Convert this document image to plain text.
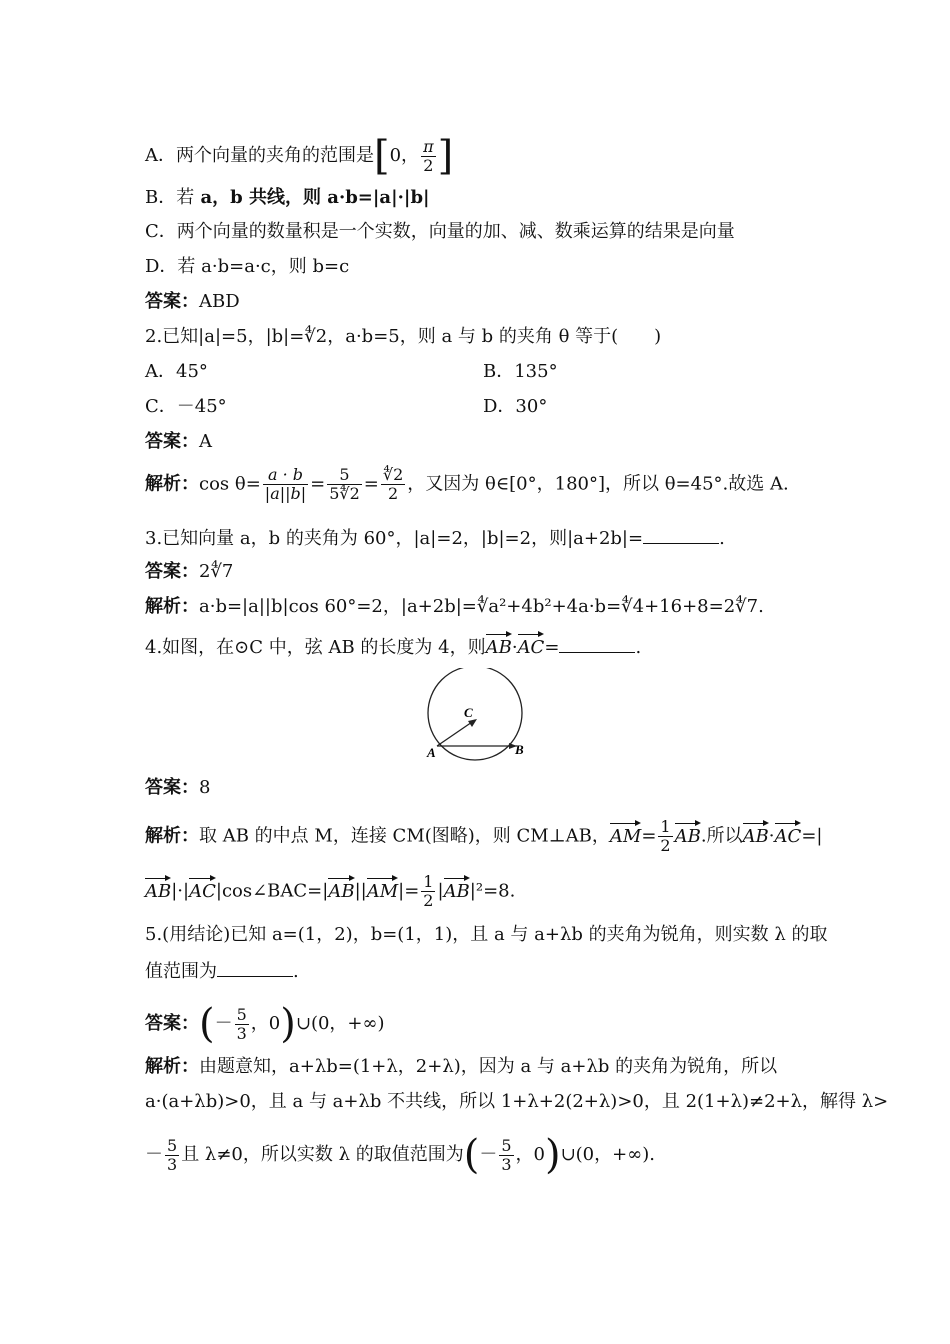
A．两个向量的夹角的范围是[0， $\frac{\pi}{2}$ ]
B．若 a，b 共线，则 a·b=|a|·|b|
C．两个向量的数量积是一个实数，向量的加、减、数乘运算的结果是向量
D．若 a·b=a·c，则 b=c
答案：ABD
2.已知|a|=5，|b|=∜2，a·b=5，则 a 与 b 的夹角 θ 等于(　　)
A．45°	B．135°
C．－45°	D．30°
答案：A
解析：$\cos \theta= \frac{a \cdot b}{|a||b|} = \frac{5}{5∜2} = \frac{∜2}{2}$ ，又因为 θ∈[0°，180°]，所以 θ=45°.故选 A.
3.已知向量 a，b 的夹角为 60°，|a|=2，|b|=2，则|a+2b|=	.
答案：2∜7
解析：a·b=|a||b|cos 60°=2，|a+2b|=∜a²+4b²+4a·b=∜4+16+8=2∜7.
4.如图，在⊙C 中，弦 AB 的长度为 4，则AB·AC=	.
C
A	B
答案：8
解析：取 AB 的中点 M，连接 CM(图略)，则 CM⊥AB，$AM= \frac{1}{2}$ AB.所以AB·AC=|
AB|·|AC|cos∠BAC=|AB||AM|= $\frac{1}{2} |AB|^2=8$.
5.(用结论)已知 a=(1，2)，b=(1，1)，且 a 与 a+λb 的夹角为锐角，则实数 λ 的取
值范围为	.
答案：(－ $\frac{5}{3}$ ，0)∪(0，+∞)
解析：由题意知，a+λb=(1+λ，2+λ)，因为 a 与 a+λb 的夹角为锐角，所以
a·(a+λb)>0，且 a 与 a+λb 不共线，所以 1+λ+2(2+λ)>0，且 2(1+λ)≠2+λ，解得 λ>
－ $\frac{5}{3}$ 且 λ≠0，所以实数 λ 的取值范围为(－ $\frac{5}{3}$ ，0)∪(0，+∞).
